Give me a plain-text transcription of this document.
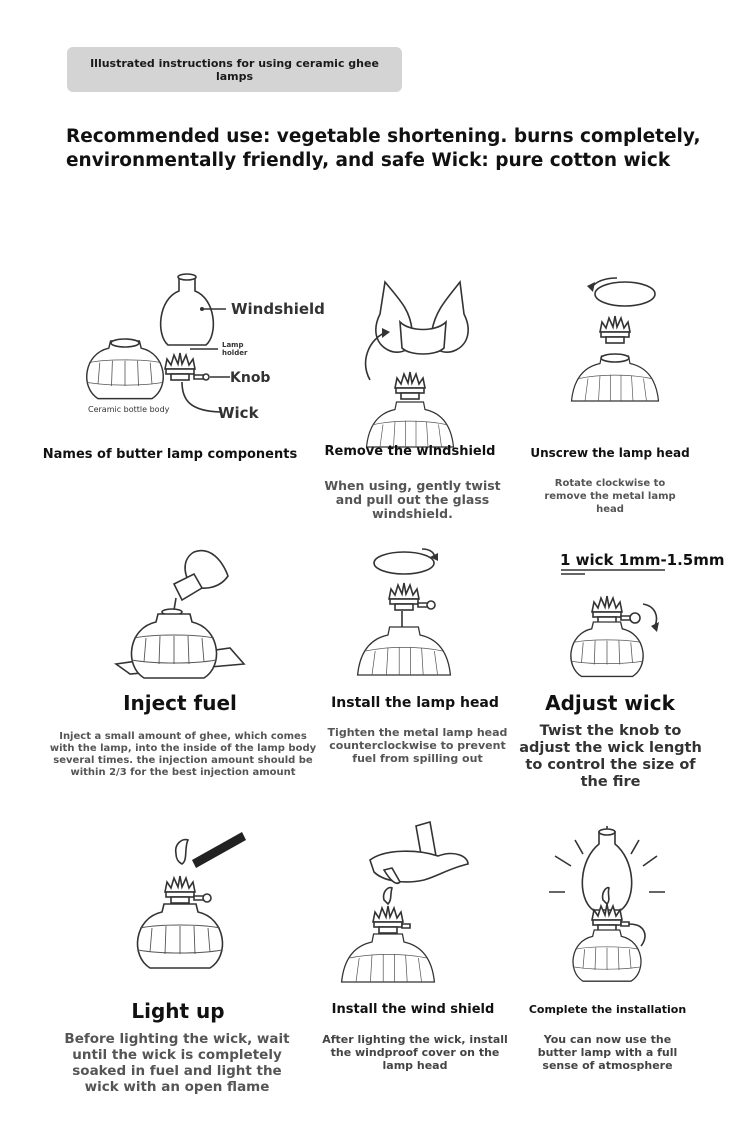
Illustrated instructions for using ceramic ghee lamps
Recommended use: vegetable shortening. burns completely, environmentally friendly, and safe Wick: pure cotton wick
Windshield
Lamp holder
Knob
Ceramic bottle body	Wick
Names of butter lamp components	Remove the windshield
When using, gently twist and pull out the glass windshield.
Unscrew the lamp head
Rotate clockwise to remove the metal lamp head
Inject fuel
Inject a small amount of ghee, which comes with the lamp, into the inside of the lamp body several times. the injection amount should be within 2/3 for the best injection amount
Install the lamp head
Tighten the metal lamp head counterclockwise to prevent fuel from spilling out
1 wick 1mm-1.5mm
Adjust wick
Twist the knob to adjust the wick length to control the size of the fire
Light up
Before lighting the wick, wait until the wick is completely soaked in fuel and light the wick with an open flame
Install the wind shield
After lighting the wick, install the windproof cover on the lamp head
Complete the installation
You can now use the butter lamp with a full sense of atmosphere
